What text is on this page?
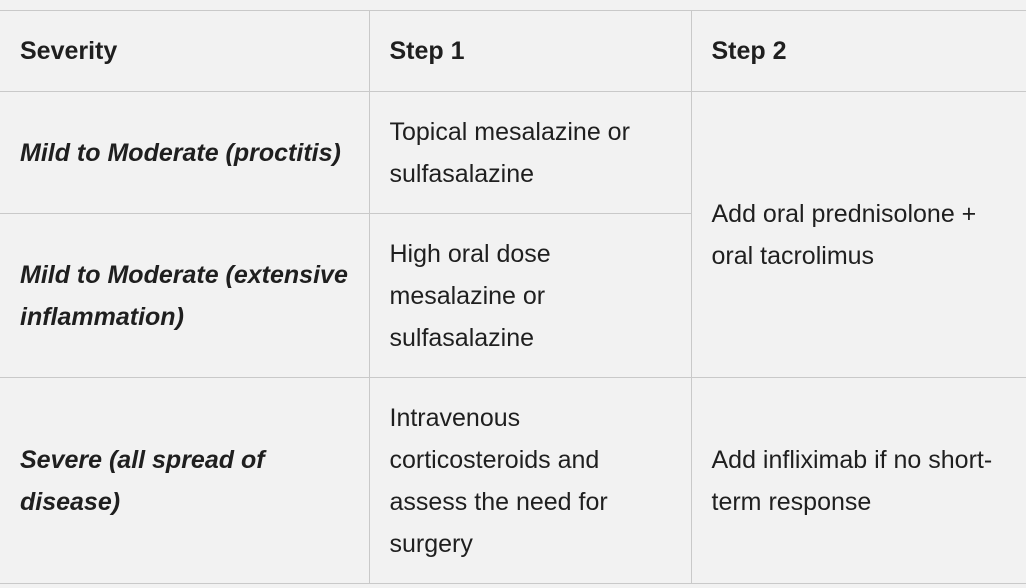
Severity	Step 1	Step 2

Mild to Moderate (proctitis)	Topical mesalazine or sulfasalazine	Add oral prednisolone + oral tacrolimus

Mild to Moderate (extensive inflammation)	High oral dose mesalazine or sulfasalazine	

Severe (all spread of disease)	Intravenous corticosteroids and assess the need for surgery	Add infliximab if no short-term response
